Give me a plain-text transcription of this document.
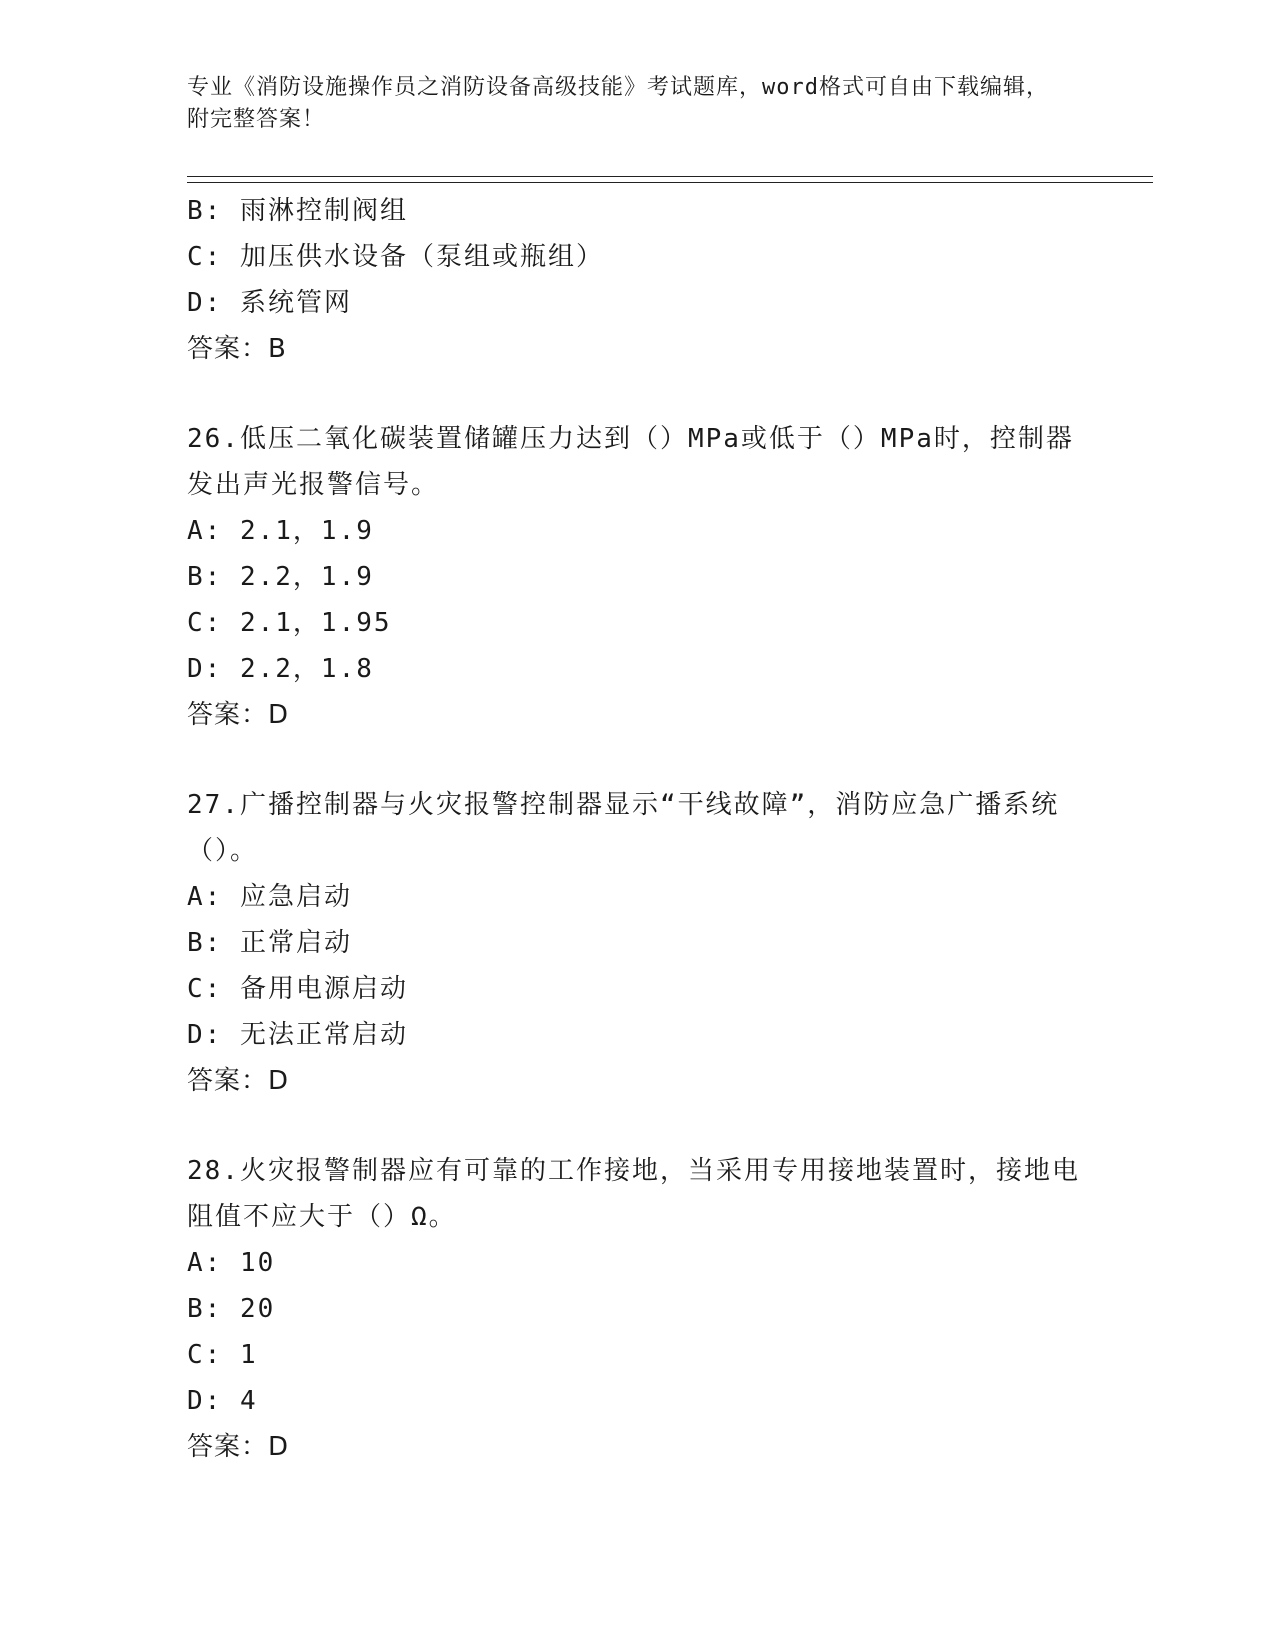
专业《消防设施操作员之消防设备高级技能》考试题库，word格式可自由下载编辑，附完整答案！
B: 雨淋控制阀组
C: 加压供水设备（泵组或瓶组）
D: 系统管网
答案：B
26.低压二氧化碳装置储罐压力达到（）MPa或低于（）MPa时，控制器发出声光报警信号。
A: 2.1，1.9
B: 2.2，1.9
C: 2.1，1.95
D: 2.2，1.8
答案：D
27.广播控制器与火灾报警控制器显示“干线故障”，消防应急广播系统（）。
A: 应急启动
B: 正常启动
C: 备用电源启动
D: 无法正常启动
答案：D
28.火灾报警制器应有可靠的工作接地，当采用专用接地装置时，接地电阻值不应大于（）Ω。
A: 10
B: 20
C: 1
D: 4
答案：D
